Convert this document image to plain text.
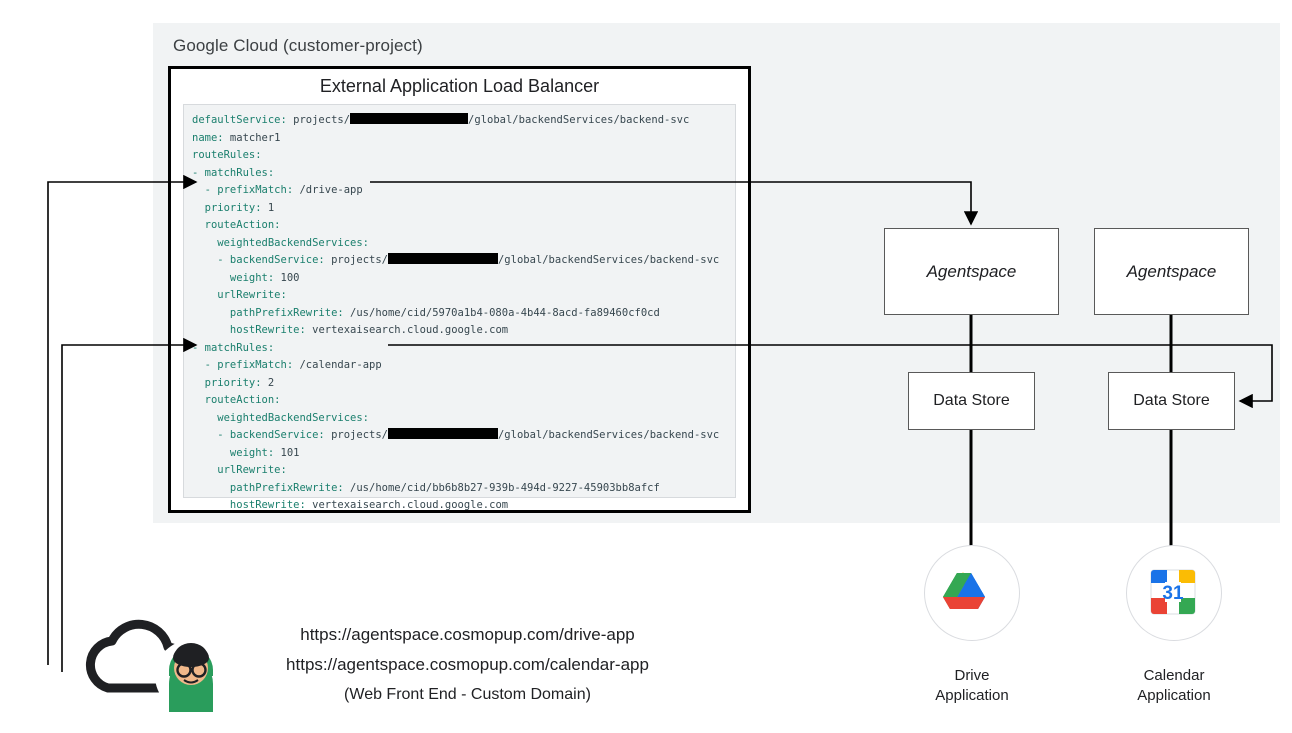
Google Cloud (customer-project)
External Application Load Balancer
defaultService: projects/	/global/backendServices/backend-svc
name: matcher1
routeRules:
- matchRules:
- prefixMatch: /drive-app
priority: 1
routeAction:
weightedBackendServices:
- backendService: projects/	/global/backendServices/backend-svc
weight: 100
urlRewrite:
pathPrefixRewrite: /us/home/cid/5970a1b4-080a-4b44-8acd-fa89460cf0cd
hostRewrite: vertexaisearch.cloud.google.com
- matchRules:
- prefixMatch: /calendar-app
priority: 2
routeAction:
weightedBackendServices:
- backendService: projects/	/global/backendServices/backend-svc
weight: 101
urlRewrite:
pathPrefixRewrite: /us/home/cid/bb6b8b27-939b-494d-9227-45903bb8afcf
hostRewrite: vertexaisearch.cloud.google.com
Agentspace	Agentspace
Data Store	Data Store
31
https://agentspace.cosmopup.com/drive-app
https://agentspace.cosmopup.com/calendar-app
(Web Front End - Custom Domain)
Drive
Application
Calendar
Application
